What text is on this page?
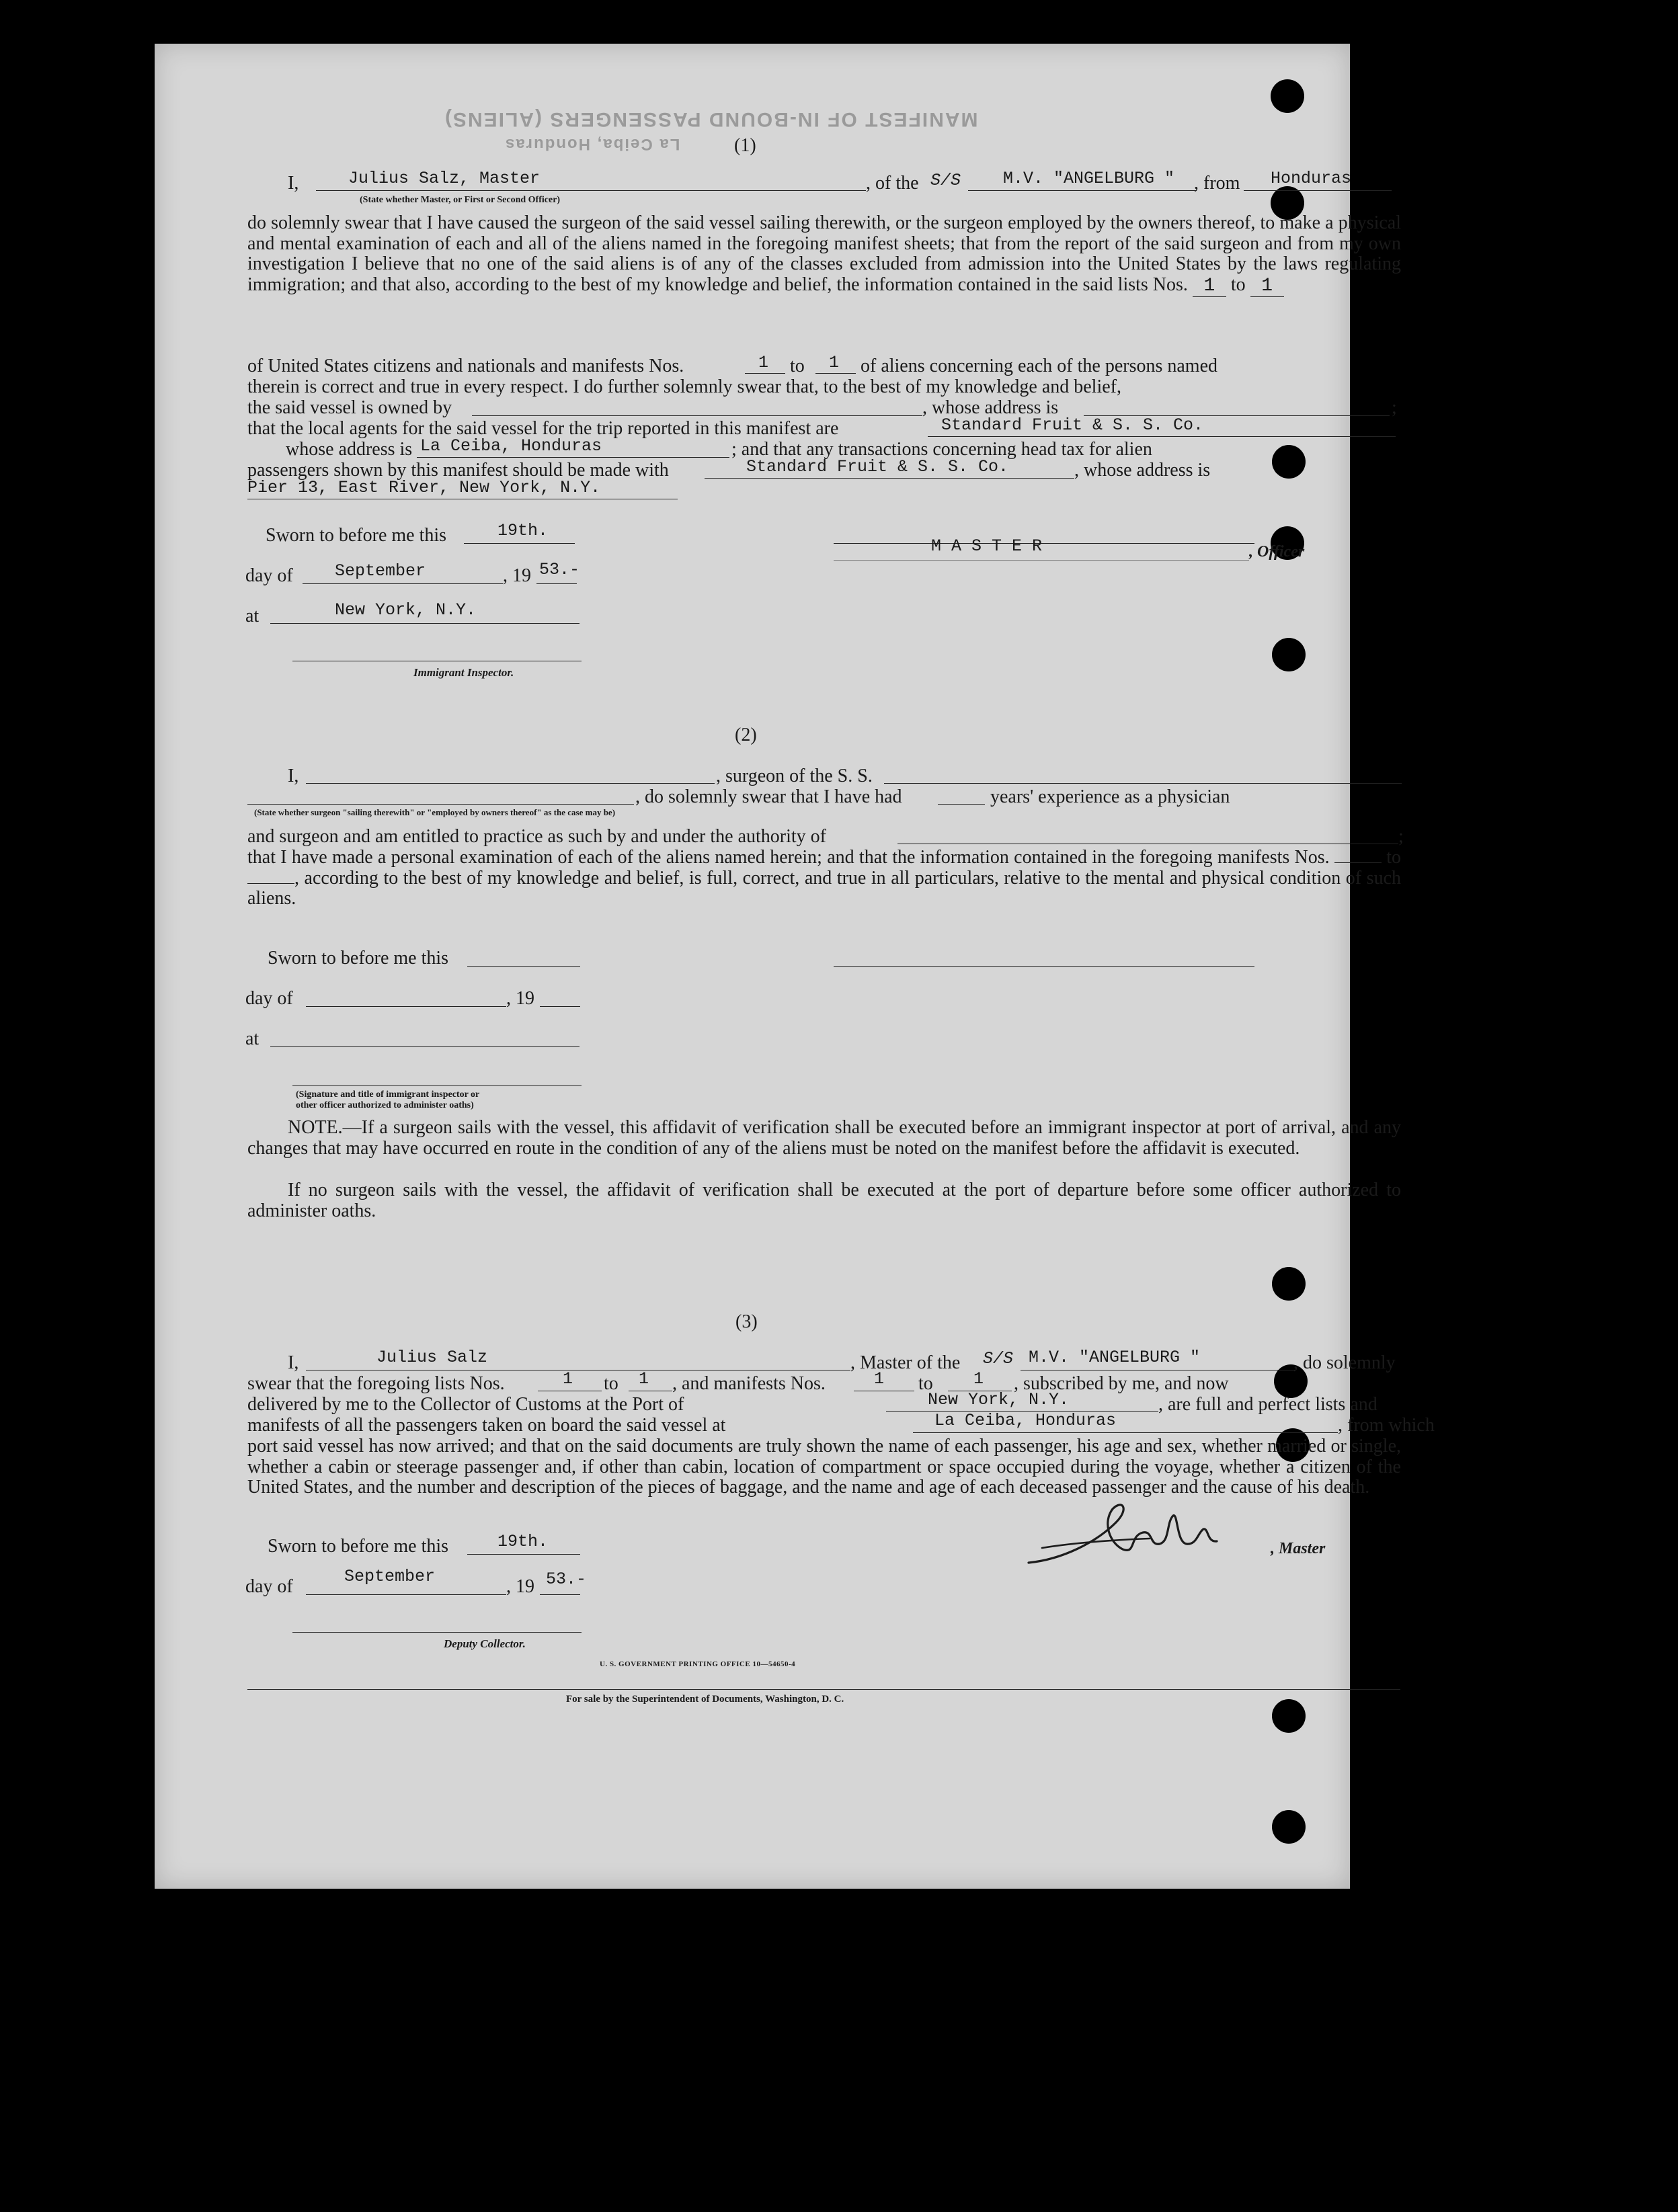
MANIFEST OF IN-BOUND PASSENGERS (ALIENS)
La Ceiba, Honduras	(1)
I,	Julius Salz, Master
(State whether Master, or First or Second Officer)
, of the S/S	M.V. "ANGELBURG " , from Honduras
do solemnly swear that I have caused the surgeon of the said vessel sailing therewith, or the surgeon employed by the owners thereof, to make a physical and mental examination of each and all of the aliens named in the foregoing manifest sheets; that from the report of the said surgeon and from my own investigation I believe that no one of the said aliens is of any of the classes excluded from admission into the United States by the laws regulating immigration; and that also, according to the best of my knowledge and belief, the information contained in the said lists Nos. 1 to 1
of United States citizens and nationals and manifests Nos.	1 to 1 of aliens concerning each of the persons named
therein is correct and true in every respect. I do further solemnly swear that, to the best of my knowledge and belief,
the said vessel is owned by	, whose address is	;
that the local agents for the said vessel for the trip reported in this manifest are	Standard Fruit & S. S. Co.
whose address is La Ceiba, Honduras	; and that any transactions concerning head tax for alien
passengers shown by this manifest should be made with	Standard Fruit & S. S. Co.	, whose address is
Pier 13, East River, New York, N.Y.
Sworn to before me this	19th.
day of September	, 19 53.-
M A S T E R	, Officer
at	New York, N.Y.
Immigrant Inspector.
(2)
I,	, surgeon of the S. S.
, do solemnly swear that I have had	years' experience as a physician
(State whether surgeon "sailing therewith" or "employed by owners thereof" as the case may be)
and surgeon and am entitled to practice as such by and under the authority of	;
that I have made a personal examination of each of the aliens named herein; and that the information contained in the foregoing manifests Nos.	to , according to the best of my knowledge and belief, is full, correct, and true in all particulars, relative to the mental and physical condition of such aliens.
Sworn to before me this
day of	, 19
at
(Signature and title of immigrant inspector or
other officer authorized to administer oaths)
NOTE.—If a surgeon sails with the vessel, this affidavit of verification shall be executed before an immigrant inspector at port of arrival, and any changes that may have occurred en route in the condition of any of the aliens must be noted on the manifest before the affidavit is executed.
If no surgeon sails with the vessel, the affidavit of verification shall be executed at the port of departure before some officer authorized to administer oaths.
(3)
I,	Julius Salz	, Master of the S/S M.V. "ANGELBURG "	, do solemnly
swear that the foregoing lists Nos.	1 to 1 , and manifests Nos.	1 to 1 , subscribed by me, and now
delivered by me to the Collector of Customs at the Port of	New York, N.Y.	, are full and perfect lists and
manifests of all the passengers taken on board the said vessel at	La Ceiba, Honduras	, from which
port said vessel has now arrived; and that on the said documents are truly shown the name of each passenger, his age and sex, whether married or single, whether a cabin or steerage passenger and, if other than cabin, location of compartment or space occupied during the voyage, whether a citizen of the United States, and the number and description of the pieces of baggage, and the name and age of each deceased passenger and the cause of his death.
Sworn to before me this	19th.	, Master
day of	September	, 19 53.-
Deputy Collector.
U. S. GOVERNMENT PRINTING OFFICE 10—54650-4
For sale by the Superintendent of Documents, Washington, D. C.
